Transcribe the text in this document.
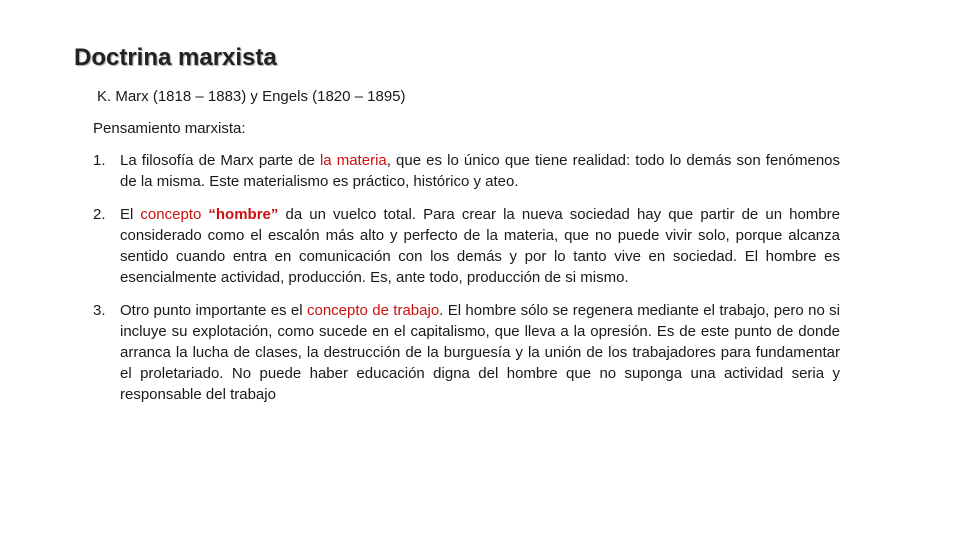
Doctrina marxista
K. Marx (1818 – 1883) y Engels (1820 – 1895)
Pensamiento marxista:
1. La filosofía de Marx parte de la materia, que es lo único que tiene realidad: todo lo demás son fenómenos de la misma. Este materialismo es práctico, histórico y ateo.
2. El concepto “hombre” da un vuelco total. Para crear la nueva sociedad hay que partir de un hombre considerado como el escalón más alto y perfecto de la materia, que no puede vivir solo, porque alcanza sentido cuando entra en comunicación con los demás y por lo tanto vive en sociedad. El hombre es esencialmente actividad, producción. Es, ante todo, producción de si mismo.
3. Otro punto importante es el concepto de trabajo. El hombre sólo se regenera mediante el trabajo, pero no si incluye su explotación, como sucede en el capitalismo, que lleva a la opresión. Es de este punto de donde arranca la lucha de clases, la destrucción de la burguesía y la unión de los trabajadores para fundamentar el proletariado. No puede haber educación digna del hombre que no suponga una actividad seria y responsable del trabajo
